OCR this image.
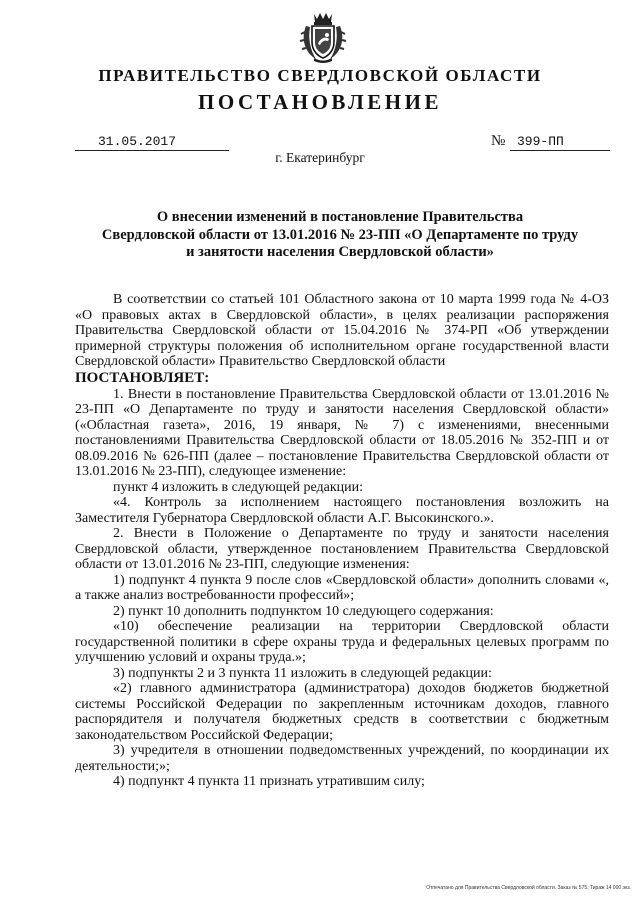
ПРАВИТЕЛЬСТВО СВЕРДЛОВСКОЙ ОБЛАСТИ
ПОСТАНОВЛЕНИЕ
31.05.2017	№ 399-ПП
г. Екатеринбург
О внесении изменений в постановление Правительства
Свердловской области от 13.01.2016 № 23-ПП «О Департаменте по труду
и занятости населения Свердловской области»
В соответствии со статьей 101 Областного закона от 10 марта 1999 года № 4-ОЗ «О правовых актах в Свердловской области», в целях реализации распоряжения Правительства Свердловской области от 15.04.2016 № 374-РП «Об утверждении примерной структуры положения об исполнительном органе государственной власти Свердловской области» Правительство Свердловской области
ПОСТАНОВЛЯЕТ:
1. Внести в постановление Правительства Свердловской области от 13.01.2016 № 23-ПП «О Департаменте по труду и занятости населения Свердловской области» («Областная газета», 2016, 19 января, № 7) с изменениями, внесенными постановлениями Правительства Свердловской области от 18.05.2016 № 352-ПП и от 08.09.2016 № 626-ПП (далее – постановление Правительства Свердловской области от 13.01.2016 № 23-ПП), следующее изменение:
пункт 4 изложить в следующей редакции:
«4. Контроль за исполнением настоящего постановления возложить на Заместителя Губернатора Свердловской области А.Г. Высокинского.».
2. Внести в Положение о Департаменте по труду и занятости населения Свердловской области, утвержденное постановлением Правительства Свердловской области от 13.01.2016 № 23-ПП, следующие изменения:
1) подпункт 4 пункта 9 после слов «Свердловской области» дополнить словами «, а также анализ востребованности профессий»;
2) пункт 10 дополнить подпунктом 10 следующего содержания:
«10) обеспечение реализации на территории Свердловской области государственной политики в сфере охраны труда и федеральных целевых программ по улучшению условий и охраны труда.»;
3) подпункты 2 и 3 пункта 11 изложить в следующей редакции:
«2) главного администратора (администратора) доходов бюджетов бюджетной системы Российской Федерации по закрепленным источникам доходов, главного распорядителя и получателя бюджетных средств в соответствии с бюджетным законодательством Российской Федерации;
3) учредителя в отношении подведомственных учреждений, по координации их деятельности;»;
4) подпункт 4 пункта 11 признать утратившим силу;
Отпечатано для Правительства Свердловской области. Заказ № 575. Тираж 14 000 экз.
